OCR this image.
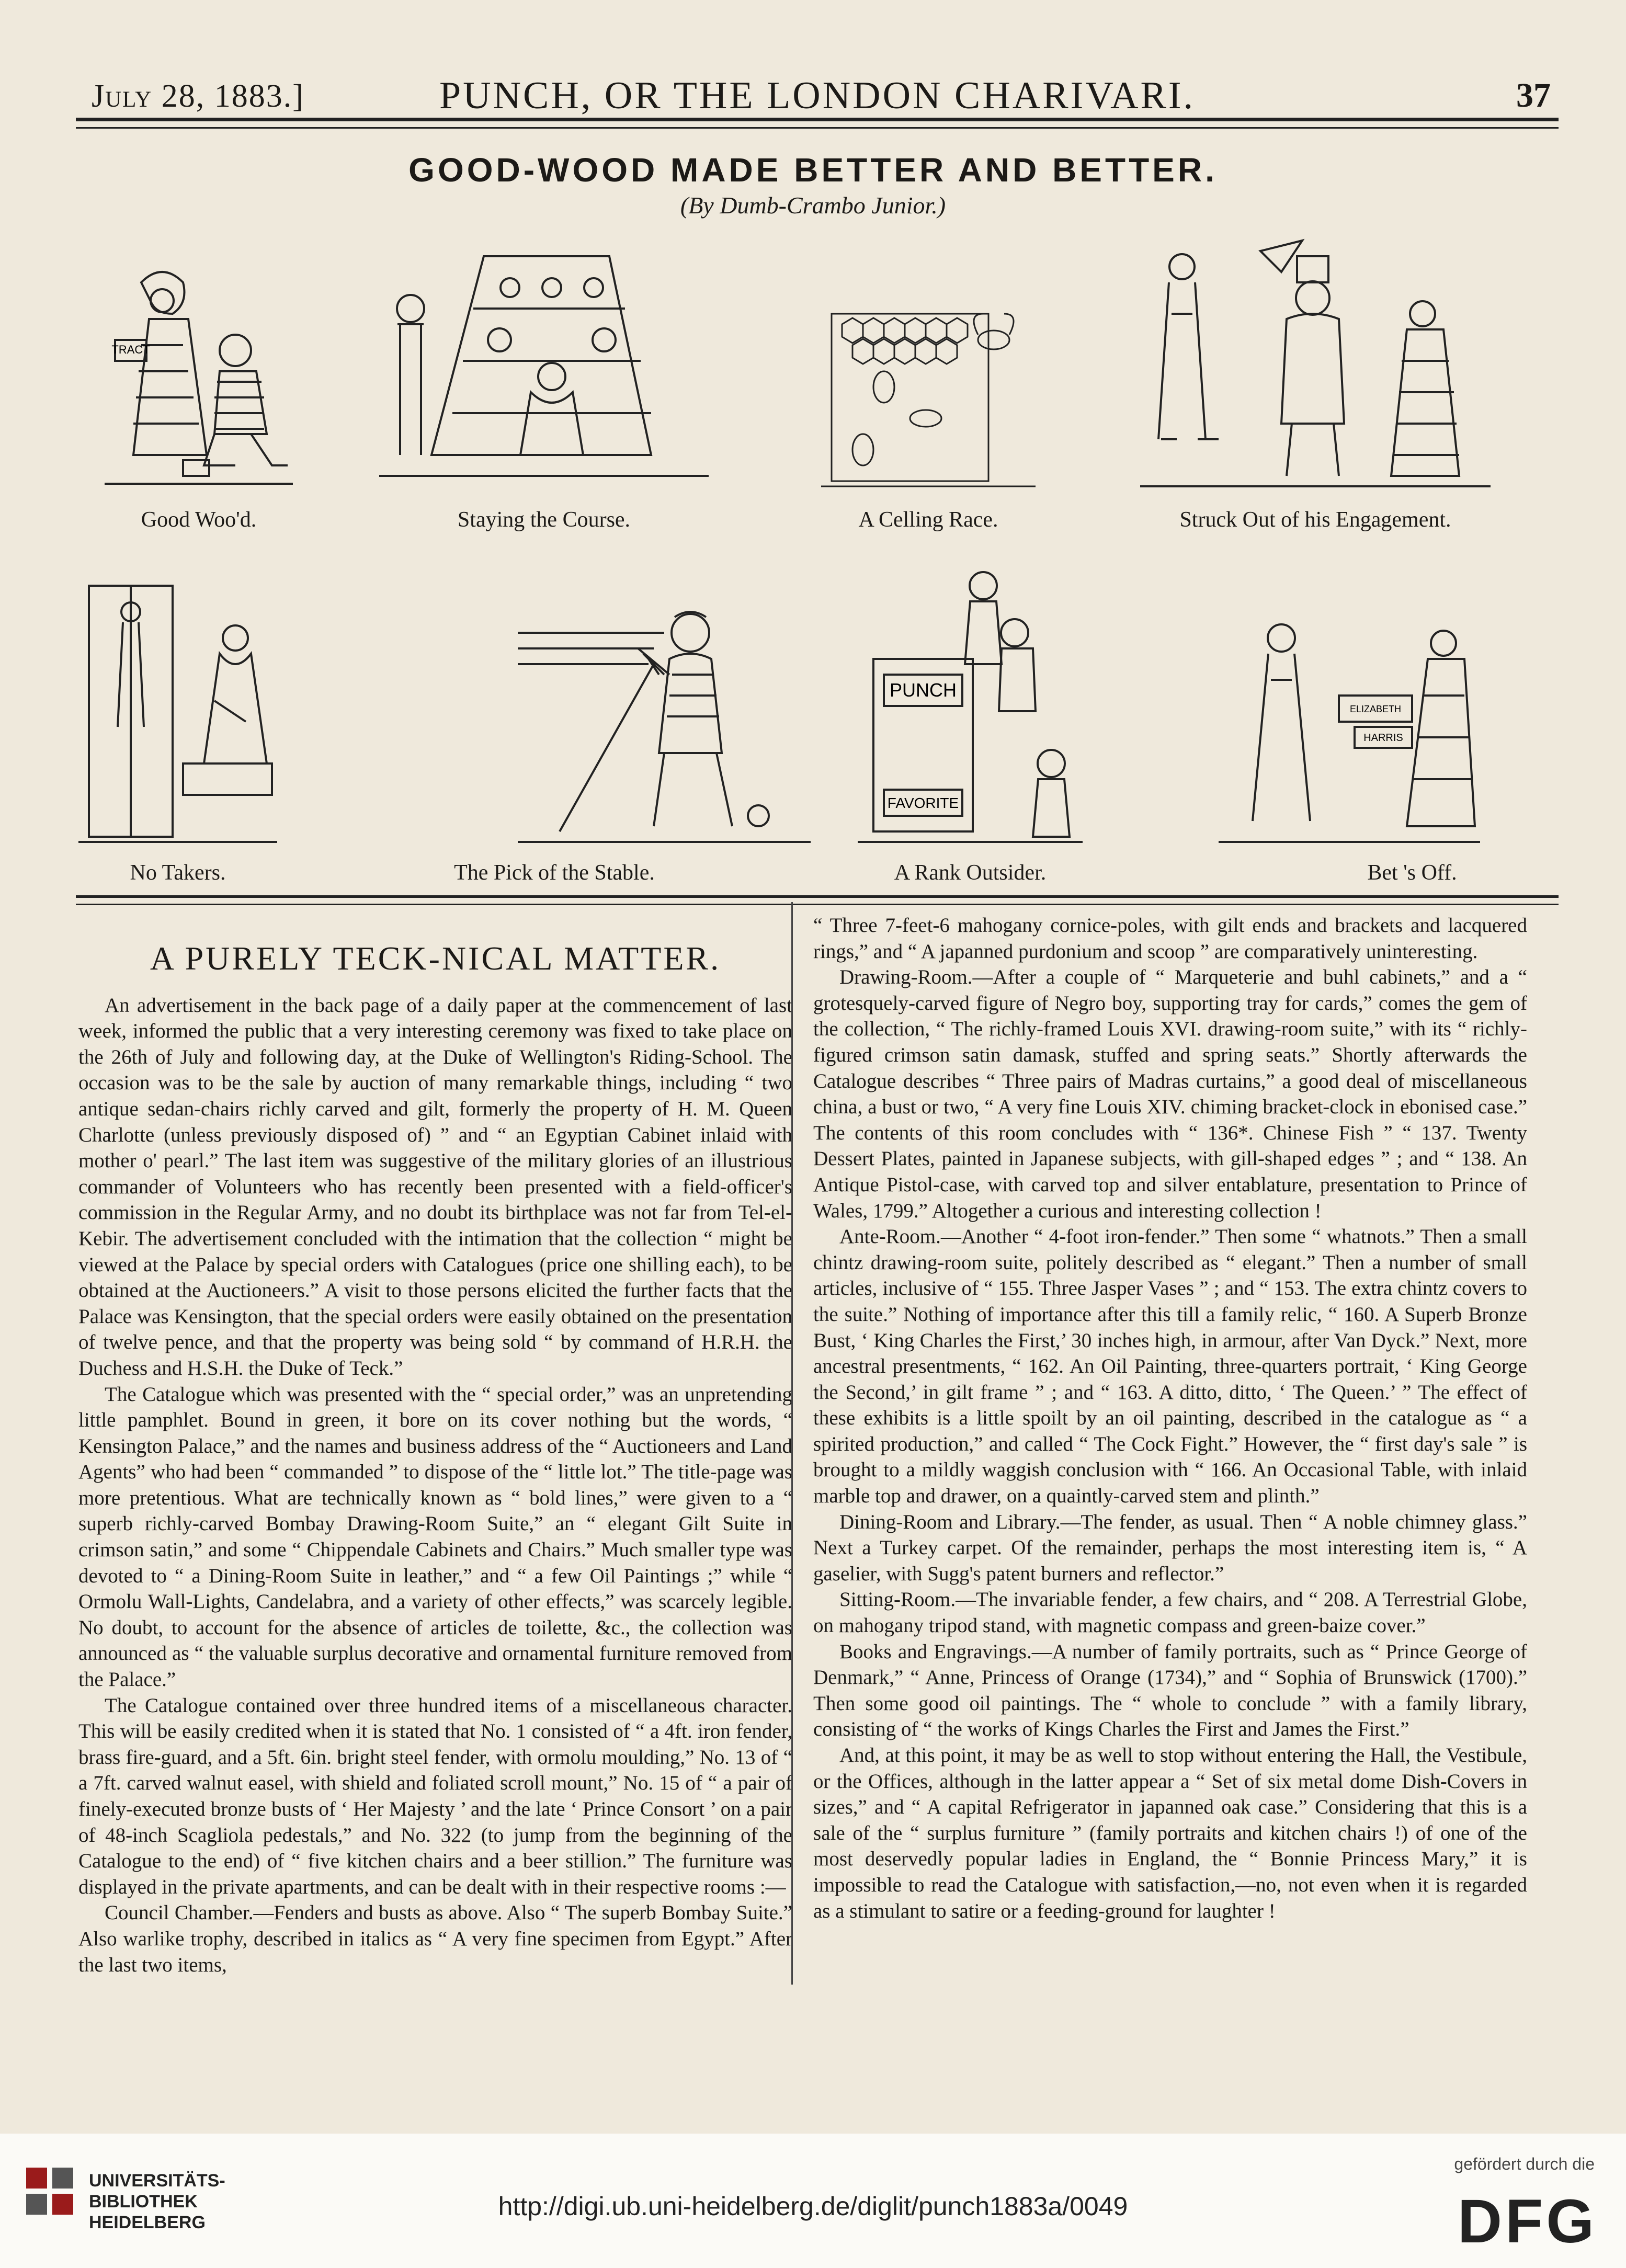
July 28, 1883.]	PUNCH, OR THE LONDON CHARIVARI.	37
GOOD-WOOD MADE BETTER AND BETTER.
(By Dumb-Crambo Junior.)
TRACT
Good Woo'd.	Staying the Course.	A Celling Race.	Struck Out of his Engagement.
PUNCH
FAVORITE
ELIZABETH
HARRIS
No Takers.	The Pick of the Stable.	A Rank Outsider.	Bet 's Off.
A PURELY TECK-NICAL MATTER.

An advertisement in the back page of a daily paper at the commencement of last week, informed the public that a very interesting ceremony was fixed to take place on the 26th of July and following day, at the Duke of Wellington's Riding-School. The occasion was to be the sale by auction of many remarkable things, including “ two antique sedan-chairs richly carved and gilt, formerly the property of H. M. Queen Charlotte (unless previously disposed of) ” and “ an Egyptian Cabinet inlaid with mother o' pearl.” The last item was suggestive of the military glories of an illustrious commander of Volunteers who has recently been presented with a field-officer's commission in the Regular Army, and no doubt its birthplace was not far from Tel-el-Kebir. The advertisement concluded with the intimation that the collection “ might be viewed at the Palace by special orders with Catalogues (price one shilling each), to be obtained at the Auctioneers.” A visit to those persons elicited the further facts that the Palace was Kensington, that the special orders were easily obtained on the presentation of twelve pence, and that the property was being sold “ by command of H.R.H. the Duchess and H.S.H. the Duke of Teck.”

The Catalogue which was presented with the “ special order,” was an unpretending little pamphlet. Bound in green, it bore on its cover nothing but the words, “ Kensington Palace,” and the names and business address of the “ Auctioneers and Land Agents” who had been “ commanded ” to dispose of the “ little lot.” The title-page was more pretentious. What are technically known as “ bold lines,” were given to a “ superb richly-carved Bombay Drawing-Room Suite,” an “ elegant Gilt Suite in crimson satin,” and some “ Chippendale Cabinets and Chairs.” Much smaller type was devoted to “ a Dining-Room Suite in leather,” and “ a few Oil Paintings ;” while “ Ormolu Wall-Lights, Candelabra, and a variety of other effects,” was scarcely legible. No doubt, to account for the absence of articles de toilette, &c., the collection was announced as “ the valuable surplus decorative and ornamental furniture removed from the Palace.”

The Catalogue contained over three hundred items of a miscellaneous character. This will be easily credited when it is stated that No. 1 consisted of “ a 4ft. iron fender, brass fire-guard, and a 5ft. 6in. bright steel fender, with ormolu moulding,” No. 13 of “ a 7ft. carved walnut easel, with shield and foliated scroll mount,” No. 15 of “ a pair of finely-executed bronze busts of ‘ Her Majesty ’ and the late ‘ Prince Consort ’ on a pair of 48-inch Scagliola pedestals,” and No. 322 (to jump from the beginning of the Catalogue to the end) of “ five kitchen chairs and a beer stillion.” The furniture was displayed in the private apartments, and can be dealt with in their respective rooms :—

Council Chamber.—Fenders and busts as above. Also “ The superb Bombay Suite.” Also warlike trophy, described in italics as “ A very fine specimen from Egypt.” After the last two items,

“ Three 7-feet-6 mahogany cornice-poles, with gilt ends and brackets and lacquered rings,” and “ A japanned purdonium and scoop ” are comparatively uninteresting.

Drawing-Room.—After a couple of “ Marqueterie and buhl cabinets,” and a “ grotesquely-carved figure of Negro boy, supporting tray for cards,” comes the gem of the collection, “ The richly-framed Louis XVI. drawing-room suite,” with its “ richly-figured crimson satin damask, stuffed and spring seats.” Shortly afterwards the Catalogue describes “ Three pairs of Madras curtains,” a good deal of miscellaneous china, a bust or two, “ A very fine Louis XIV. chiming bracket-clock in ebonised case.” The contents of this room concludes with “ 136*. Chinese Fish ” “ 137. Twenty Dessert Plates, painted in Japanese subjects, with gill-shaped edges ” ; and “ 138. An Antique Pistol-case, with carved top and silver entablature, presentation to Prince of Wales, 1799.” Altogether a curious and interesting collection !

Ante-Room.—Another “ 4-foot iron-fender.” Then some “ whatnots.” Then a small chintz drawing-room suite, politely described as “ elegant.” Then a number of small articles, inclusive of “ 155. Three Jasper Vases ” ; and “ 153. The extra chintz covers to the suite.” Nothing of importance after this till a family relic, “ 160. A Superb Bronze Bust, ‘ King Charles the First,’ 30 inches high, in armour, after Van Dyck.” Next, more ancestral presentments, “ 162. An Oil Painting, three-quarters portrait, ‘ King George the Second,’ in gilt frame ” ; and “ 163. A ditto, ditto, ‘ The Queen.’ ” The effect of these exhibits is a little spoilt by an oil painting, described in the catalogue as “ a spirited production,” and called “ The Cock Fight.” However, the “ first day's sale ” is brought to a mildly waggish conclusion with “ 166. An Occasional Table, with inlaid marble top and drawer, on a quaintly-carved stem and plinth.”

Dining-Room and Library.—The fender, as usual. Then “ A noble chimney glass.” Next a Turkey carpet. Of the remainder, perhaps the most interesting item is, “ A gaselier, with Sugg's patent burners and reflector.”

Sitting-Room.—The invariable fender, a few chairs, and “ 208. A Terrestrial Globe, on mahogany tripod stand, with magnetic compass and green-baize cover.”

Books and Engravings.—A number of family portraits, such as “ Prince George of Denmark,” “ Anne, Princess of Orange (1734),” and “ Sophia of Brunswick (1700).” Then some good oil paintings. The “ whole to conclude ” with a family library, consisting of “ the works of Kings Charles the First and James the First.”

And, at this point, it may be as well to stop without entering the Hall, the Vestibule, or the Offices, although in the latter appear a “ Set of six metal dome Dish-Covers in sizes,” and “ A capital Refrigerator in japanned oak case.” Considering that this is a sale of the “ surplus furniture ” (family portraits and kitchen chairs !) of one of the most deservedly popular ladies in England, the “ Bonnie Princess Mary,” it is impossible to read the Catalogue with satisfaction,—no, not even when it is regarded as a stimulant to satire or a feeding-ground for laughter !

UNIVERSITÄTS-
BIBLIOTHEK
HEIDELBERG
http://digi.ub.uni-heidelberg.de/diglit/punch1883a/0049
gefördert durch die
DFG
